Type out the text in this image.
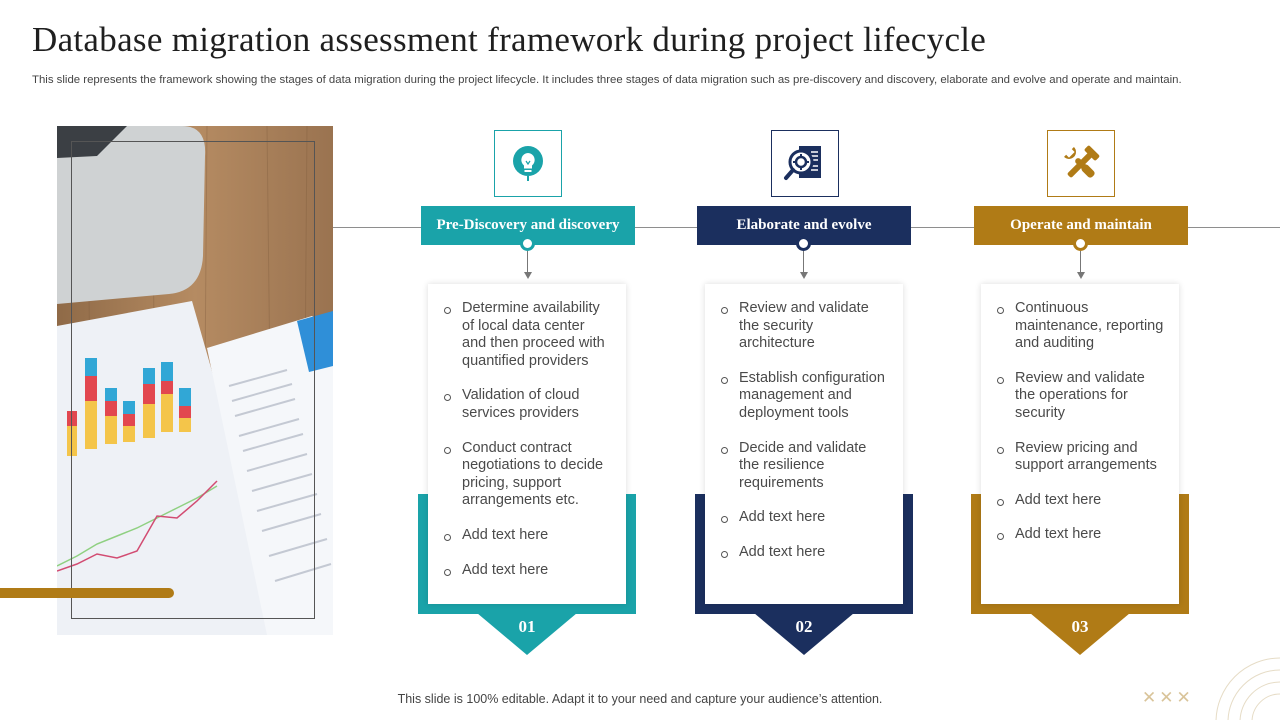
Database migration assessment framework during project lifecycle
This slide represents the framework showing the stages of data migration during the project lifecycle. It includes three stages of data migration such as pre-discovery and discovery, elaborate and evolve and operate and maintain.
Pre-Discovery and discovery
Determine availability of local data center and then proceed with quantified providers
Validation of cloud services providers
Conduct contract negotiations to decide pricing, support arrangements etc.
Add text here
Add text here
01
Elaborate and evolve
Review and validate the security architecture
Establish configuration management and deployment tools
Decide and validate the resilience requirements
Add text here
Add text here
02
Operate and maintain
Continuous maintenance, reporting and auditing
Review and validate the operations for security
Review pricing and support arrangements
Add text here
Add text here
03
This slide is 100% editable. Adapt it to your need and capture your audience’s attention.	✕✕✕
